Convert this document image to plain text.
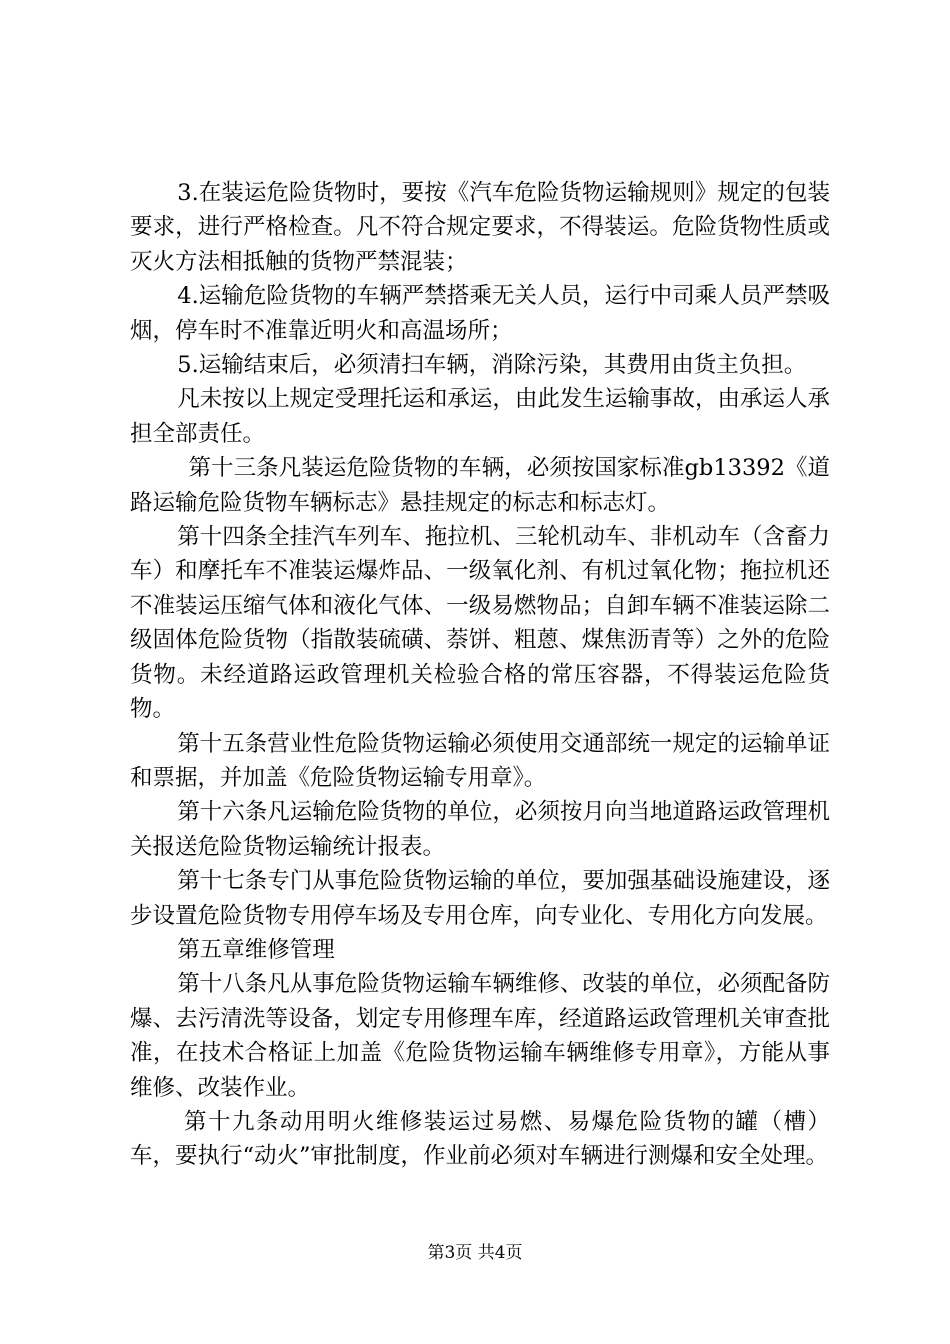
3.在装运危险货物时，要按《汽车危险货物运输规则》规定的包装要求，进行严格检查。凡不符合规定要求，不得装运。危险货物性质或灭火方法相抵触的货物严禁混装；

4.运输危险货物的车辆严禁搭乘无关人员，运行中司乘人员严禁吸烟，停车时不准靠近明火和高温场所；

5.运输结束后，必须清扫车辆，消除污染，其费用由货主负担。

凡未按以上规定受理托运和承运，由此发生运输事故，由承运人承担全部责任。

第十三条凡装运危险货物的车辆，必须按国家标准gb13392《道路运输危险货物车辆标志》悬挂规定的标志和标志灯。

第十四条全挂汽车列车、拖拉机、三轮机动车、非机动车（含畜力车）和摩托车不准装运爆炸品、一级氧化剂、有机过氧化物；拖拉机还不准装运压缩气体和液化气体、一级易燃物品；自卸车辆不准装运除二级固体危险货物（指散装硫磺、萘饼、粗蒽、煤焦沥青等）之外的危险货物。未经道路运政管理机关检验合格的常压容器，不得装运危险货物。

第十五条营业性危险货物运输必须使用交通部统一规定的运输单证和票据，并加盖《危险货物运输专用章》。

第十六条凡运输危险货物的单位，必须按月向当地道路运政管理机关报送危险货物运输统计报表。

第十七条专门从事危险货物运输的单位，要加强基础设施建设，逐步设置危险货物专用停车场及专用仓库，向专业化、专用化方向发展。

第五章维修管理

第十八条凡从事危险货物运输车辆维修、改装的单位，必须配备防爆、去污清洗等设备，划定专用修理车库，经道路运政管理机关审查批准，在技术合格证上加盖《危险货物运输车辆维修专用章》，方能从事维修、改装作业。

第十九条动用明火维修装运过易燃、易爆危险货物的罐（槽）车，要执行“动火”审批制度，作业前必须对车辆进行测爆和安全处理。

第3页 共4页
